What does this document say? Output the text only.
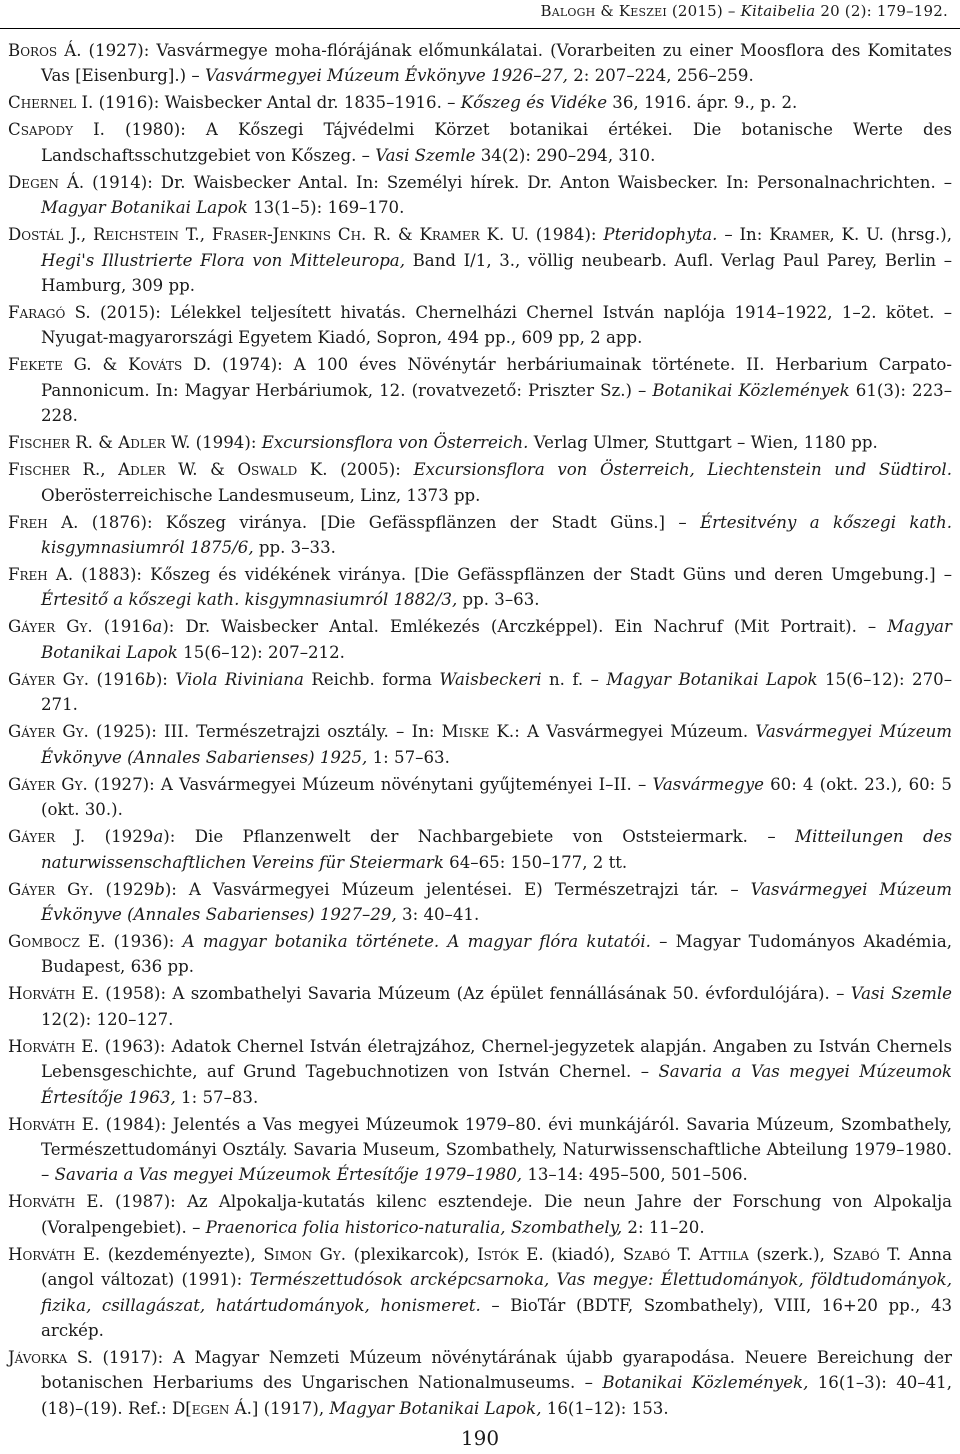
Balogh & Keszei (2015) – Kitaibelia 20 (2): 179–192.

Boros Á. (1927): Vasvármegye moha-flórájának előmunkálatai. (Vorarbeiten zu einer Moosflora des Komitates Vas [Eisenburg].) – Vasvármegyei Múzeum Évkönyve 1926–27, 2: 207–224, 256–259.

Chernel I. (1916): Waisbecker Antal dr. 1835–1916. – Kőszeg és Vidéke 36, 1916. ápr. 9., p. 2.

Csapody I. (1980): A Kőszegi Tájvédelmi Körzet botanikai értékei. Die botanische Werte des Landschaftsschutzgebiet von Kőszeg. – Vasi Szemle 34(2): 290–294, 310.

Degen Á. (1914): Dr. Waisbecker Antal. In: Személyi hírek. Dr. Anton Waisbecker. In: Personalnachrichten. – Magyar Botanikai Lapok 13(1–5): 169–170.

Dostál J., Reichstein T., Fraser-Jenkins Ch. R. & Kramer K. U. (1984): Pteridophyta. – In: Kramer, K. U. (hrsg.), Hegi's Illustrierte Flora von Mitteleuropa, Band I/1, 3., völlig neubearb. Aufl. Verlag Paul Parey, Berlin – Hamburg, 309 pp.

Faragó S. (2015): Lélekkel teljesített hivatás. Chernelházi Chernel István naplója 1914–1922, 1–2. kötet. – Nyugat-magyarországi Egyetem Kiadó, Sopron, 494 pp., 609 pp, 2 app.

Fekete G. & Kováts D. (1974): A 100 éves Növénytár herbáriumainak története. II. Herbarium Carpato-Pannonicum. In: Magyar Herbáriumok, 12. (rovatvezető: Priszter Sz.) – Botanikai Közlemények 61(3): 223–228.

Fischer R. & Adler W. (1994): Excursionsflora von Österreich. Verlag Ulmer, Stuttgart – Wien, 1180 pp.

Fischer R., Adler W. & Oswald K. (2005): Excursionsflora von Österreich, Liechtenstein und Südtirol. Oberösterreichische Landesmuseum, Linz, 1373 pp.

Freh A. (1876): Kőszeg viránya. [Die Gefässpflänzen der Stadt Güns.] – Értesitvény a kőszegi kath. kisgymnasiumról 1875/6, pp. 3–33.

Freh A. (1883): Kőszeg és vidékének viránya. [Die Gefässpflänzen der Stadt Güns und deren Umgebung.] – Értesitő a kőszegi kath. kisgymnasiumról 1882/3, pp. 3–63.

Gáyer Gy. (1916a): Dr. Waisbecker Antal. Emlékezés (Arczképpel). Ein Nachruf (Mit Portrait). – Magyar Botanikai Lapok 15(6–12): 207–212.

Gáyer Gy. (1916b): Viola Riviniana Reichb. forma Waisbeckeri n. f. – Magyar Botanikai Lapok 15(6–12): 270–271.

Gáyer Gy. (1925): III. Természetrajzi osztály. – In: Miske K.: A Vasvármegyei Múzeum. Vasvármegyei Múzeum Évkönyve (Annales Sabarienses) 1925, 1: 57–63.

Gáyer Gy. (1927): A Vasvármegyei Múzeum növénytani gyűjteményei I–II. – Vasvármegye 60: 4 (okt. 23.), 60: 5 (okt. 30.).

Gáyer J. (1929a): Die Pflanzenwelt der Nachbargebiete von Oststeiermark. – Mitteilungen des naturwissenschaftlichen Vereins für Steiermark 64–65: 150–177, 2 tt.

Gáyer Gy. (1929b): A Vasvármegyei Múzeum jelentései. E) Természetrajzi tár. – Vasvármegyei Múzeum Évkönyve (Annales Sabarienses) 1927–29, 3: 40–41.

Gombocz E. (1936): A magyar botanika története. A magyar flóra kutatói. – Magyar Tudományos Akadémia, Budapest, 636 pp.

Horváth E. (1958): A szombathelyi Savaria Múzeum (Az épület fennállásának 50. évfordulójára). – Vasi Szemle 12(2): 120–127.

Horváth E. (1963): Adatok Chernel István életrajzához, Chernel-jegyzetek alapján. Angaben zu István Chernels Lebensgeschichte, auf Grund Tagebuchnotizen von István Chernel. – Savaria a Vas megyei Múzeumok Értesítője 1963, 1: 57–83.

Horváth E. (1984): Jelentés a Vas megyei Múzeumok 1979–80. évi munkájáról. Savaria Múzeum, Szombathely, Természettudományi Osztály. Savaria Museum, Szombathely, Naturwissenschaftliche Abteilung 1979–1980. – Savaria a Vas megyei Múzeumok Értesítője 1979–1980, 13–14: 495–500, 501–506.

Horváth E. (1987): Az Alpokalja-kutatás kilenc esztendeje. Die neun Jahre der Forschung von Alpokalja (Voralpengebiet). – Praenorica folia historico-naturalia, Szombathely, 2: 11–20.

Horváth E. (kezdeményezte), Simon Gy. (plexikarcok), Istók E. (kiadó), Szabó T. Attila (szerk.), Szabó T. Anna (angol változat) (1991): Természettudósok arcképcsarnoka, Vas megye: Élettudományok, földtudományok, fizika, csillagászat, határtudományok, honismeret. – BioTár (BDTF, Szombathely), VIII, 16+20 pp., 43 arckép.

Jávorka S. (1917): A Magyar Nemzeti Múzeum növénytárának újabb gyarapodása. Neuere Bereichung der botanischen Herbariums des Ungarischen Nationalmuseums. – Botanikai Közlemények, 16(1–3): 40–41, (18)–(19). Ref.: D[egen Á.] (1917), Magyar Botanikai Lapok, 16(1–12): 153.

190
